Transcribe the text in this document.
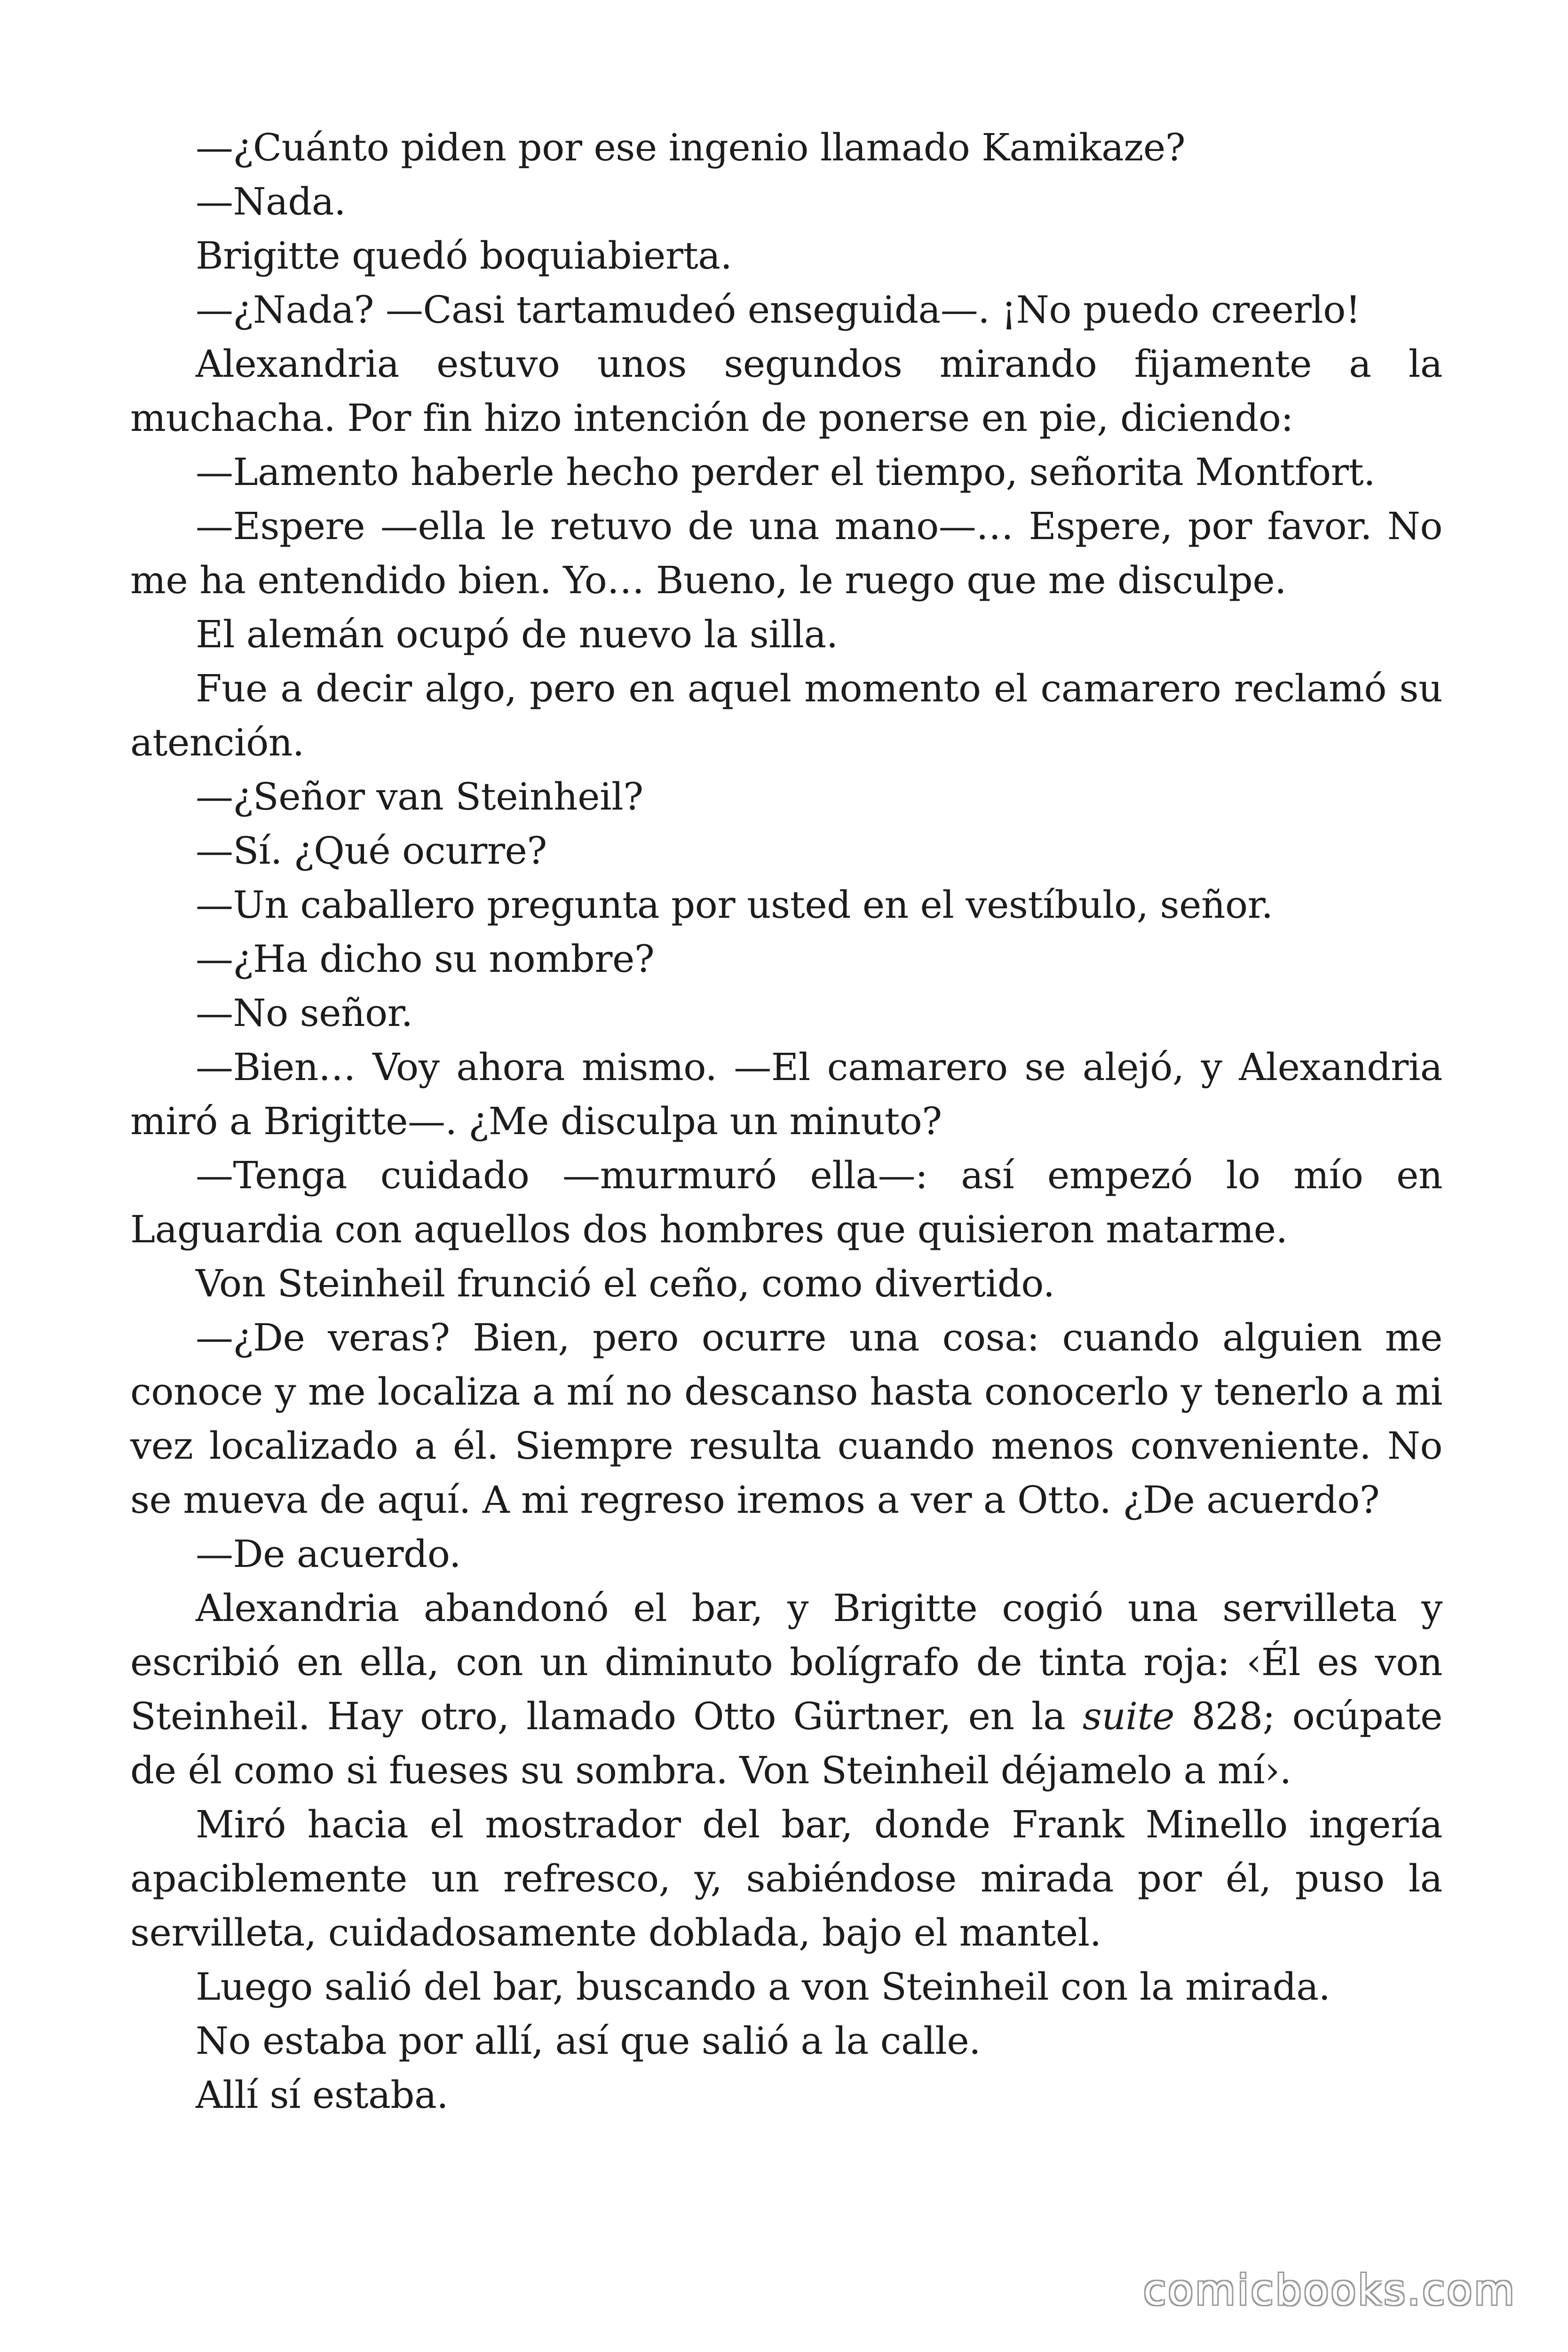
—¿Cuánto piden por ese ingenio llamado Kamikaze?

—Nada.

Brigitte quedó boquiabierta.

—¿Nada? —Casi tartamudeó enseguida—. ¡No puedo creerlo!

Alexandria estuvo unos segundos mirando fijamente a la muchacha. Por fin hizo intención de ponerse en pie, diciendo:

—Lamento haberle hecho perder el tiempo, señorita Montfort.

—Espere —ella le retuvo de una mano—… Espere, por favor. No me ha entendido bien. Yo… Bueno, le ruego que me disculpe.

El alemán ocupó de nuevo la silla.

Fue a decir algo, pero en aquel momento el camarero reclamó su atención.

—¿Señor van Steinheil?

—Sí. ¿Qué ocurre?

—Un caballero pregunta por usted en el vestíbulo, señor.

—¿Ha dicho su nombre?

—No señor.

—Bien… Voy ahora mismo. —El camarero se alejó, y Alexandria miró a Brigitte—. ¿Me disculpa un minuto?

—Tenga cuidado —murmuró ella—: así empezó lo mío en Laguardia con aquellos dos hombres que quisieron matarme.

Von Steinheil frunció el ceño, como divertido.

—¿De veras? Bien, pero ocurre una cosa: cuando alguien me conoce y me localiza a mí no descanso hasta conocerlo y tenerlo a mi vez localizado a él. Siempre resulta cuando menos conveniente. No se mueva de aquí. A mi regreso iremos a ver a Otto. ¿De acuerdo?

—De acuerdo.

Alexandria abandonó el bar, y Brigitte cogió una servilleta y escribió en ella, con un diminuto bolígrafo de tinta roja: ‹Él es von Steinheil. Hay otro, llamado Otto Gürtner, en la suite 828; ocúpate de él como si fueses su sombra. Von Steinheil déjamelo a mí›.

Miró hacia el mostrador del bar, donde Frank Minello ingería apaciblemente un refresco, y, sabiéndose mirada por él, puso la servilleta, cuidadosamente doblada, bajo el mantel.

Luego salió del bar, buscando a von Steinheil con la mirada.

No estaba por allí, así que salió a la calle.

Allí sí estaba.

comicbooks.com
